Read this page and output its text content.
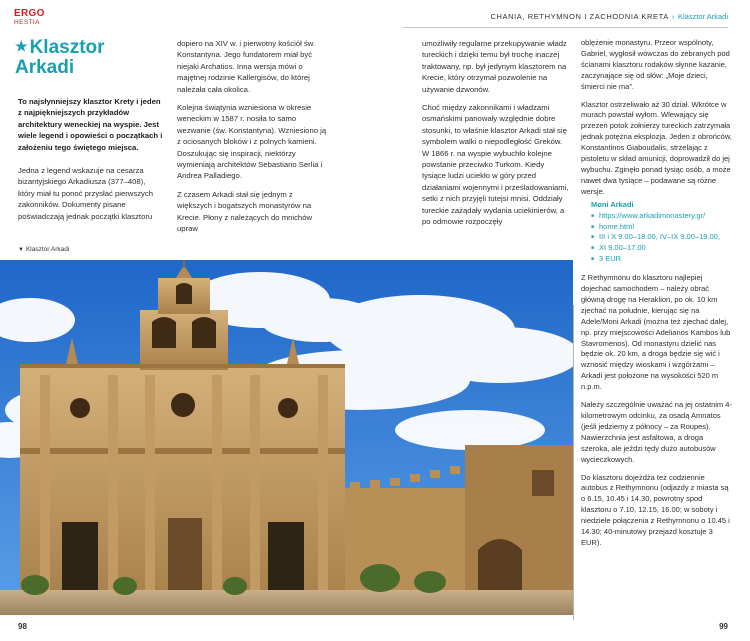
ERGO
HESTIA
CHANIA, RETHYMNON I ZACHODNIA KRETA › Klasztor Arkadi
★ Klasztor Arkadi

To najsłynniejszy klasztor Krety i jeden z najpiękniejszych przykładów architektury weneckiej na wyspie. Jest wiele legend i opowieści o początkach i założeniu tego świętego miejsca.

Jedna z legend wskazuje na cesarza bizantyjskiego Arkadiusza (377–408), który miał tu ponoć przysłać pierwszych zakonników. Dokumenty pisane poświadczają jednak początki klasztoru

▼ Klasztor Arkadi

dopiero na XIV w. i pierwotny kościół św. Konstantyna. Jego fundatorem miał być niejaki Archatios. Inna wersja mówi o majętnej rodzinie Kallergisów, do której należała cała okolica.

Kolejna świątynia wzniesiona w okresie weneckim w 1587 r. nosiła to samo wezwanie (św. Konstantyna). Wzniesiono ją z ociosanych bloków i z polnych kamieni. Doszukując się inspiracji, niektórzy wymieniają architektów Sebastiano Serlia i Andrea Palladiego.

Z czasem Arkadi stał się jednym z większych i bogatszych monastyrów na Krecie. Płony z należących do mnichów upraw

umożliwiły regularne przekupywanie władz tureckich i dzięki temu był trochę inaczej traktowany, np. był jedynym klasztorem na Krecie, który otrzymał pozwolenie na używanie dzwonów.

Choć między zakonnikami i władzami osmańskimi panowały względnie dobre stosunki, to właśnie klasztor Arkadi stał się symbolem walki o niepodległość Greków. W 1866 r. na wyspie wybuchło kolejne powstanie przeciwko Turkom. Kiedy tysiące ludzi uciekło w góry przed działaniami wojennymi i prześladowaniami, setki z nich przyjęli tutejsi mnisi. Oddziały tureckie zażądały wydania uciekinierów, a po odmowie rozpoczęły

oblężenie monastyru. Przeor wspólnoty, Gabriel, wygłosił wówczas do zebranych pod ścianami klasztoru rodaków słynne kazanie, zaczynające się od słów: „Moje dzieci, śmierci nie ma”.

Klasztor ostrzeliwało aż 30 dział. Wkrótce w murach powstał wyłom. Wlewający się przezeń potok żołnierzy tureckich zatrzymała jednak potężna eksplozja. Jeden z obrońców, Konstantinos Giaboudalis, strzelając z pistoletu w skład amunicji, doprowadził do jej wybuchu. Zginęło ponad tysiąc osób, a może nawet dwa tysiące – podawane są różne wersje.

Moni Arkadi
■ https://www.arkadimonastery.gr/
■ home.html
■ III i X 9.00–18.00, IV–IX 9.00–19.00,
■ XI 9.00–17.00
■ 3 EUR

Z Rethymnonu do klasztoru najlepiej dojechać samochodem – należy obrać główną drogę na Heraklion, po ok. 10 km zjechać na południe, kierując się na Adele/Moni Arkadi (można też zjechać dalej, np. przy miejscowości Adelianos Kambos lub Stavromenos). Od monastyru dzielić nas będzie ok. 20 km, a droga będzie się wić i wznosić między wioskami i wzgórzami – Arkadi jest położone na wysokości 520 m n.p.m.

Należy szczególnie uważać na jej ostatnim 4-kilometrowym odcinku, za osadą Amnatos (jeśli jedziemy z północy – za Roupes). Nawierzchnia jest asfaltowa, a droga szeroka, ale jeździ tędy dużo autobusów wycieczkowych.

Do klasztoru dojeżdża też codziennie autobus z Rethymnonu (odjazdy z miasta są o 6.15, 10.45 i 14.30, powrotny spod klasztoru o 7.10, 12.15, 16.00; w soboty i niedziele połączenia z Rethymnonu o 10.45 i 14.30; 40-minutowy przejazd kosztuje 3 EUR).

98	99
